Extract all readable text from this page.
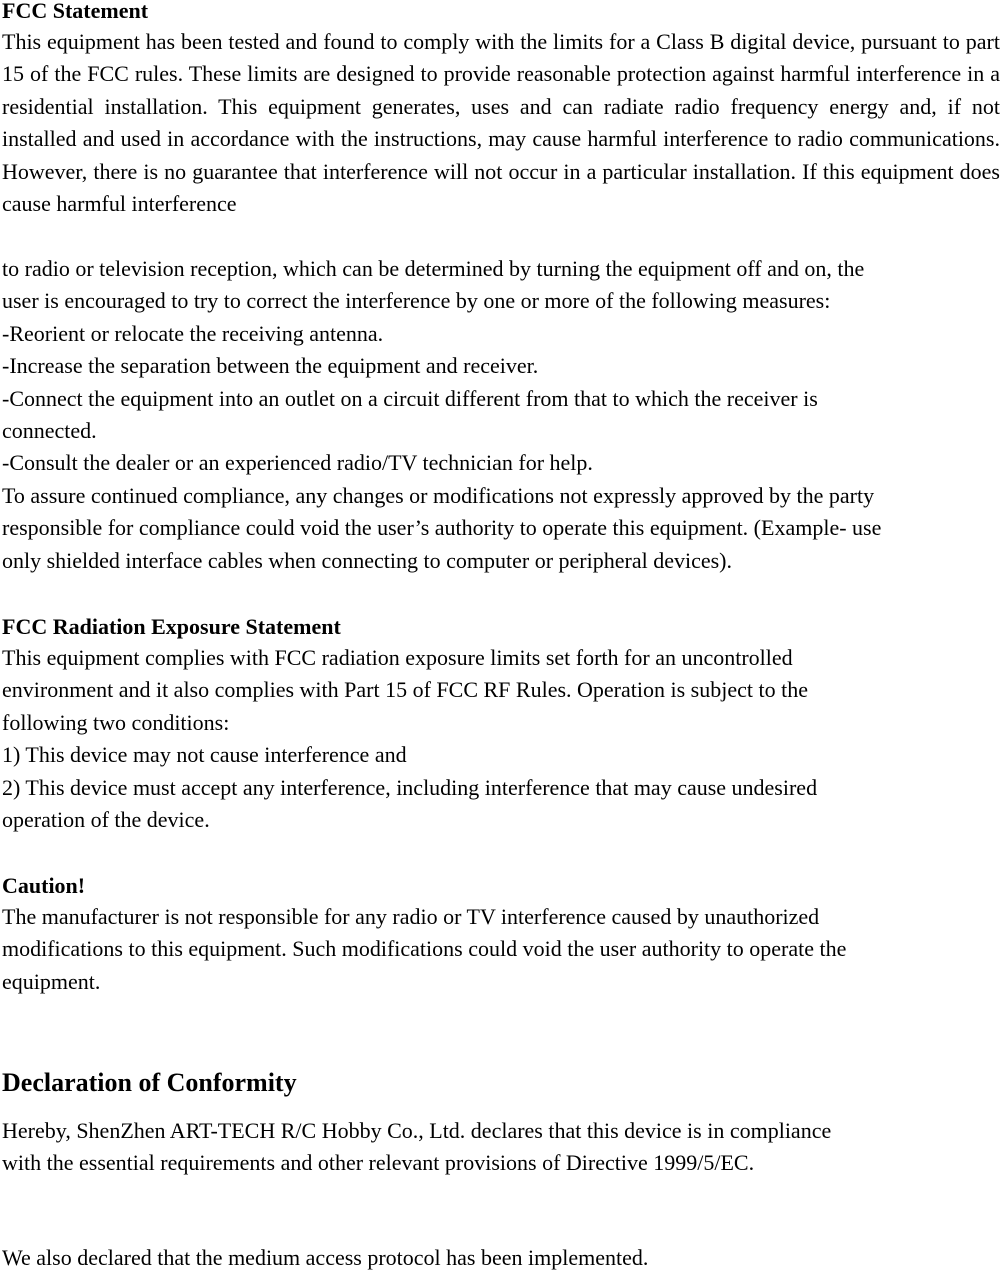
FCC Statement

This equipment has been tested and found to comply with the limits for a Class B digital device, pursuant to part 15 of the FCC rules. These limits are designed to provide reasonable protection against harmful interference in a residential installation. This equipment generates, uses and can radiate radio frequency energy and, if not installed and used in accordance with the instructions, may cause harmful interference to radio communications. However, there is no guarantee that interference will not occur in a particular installation. If this equipment does cause harmful interference

to radio or television reception, which can be determined by turning the equipment off and on, the
user is encouraged to try to correct the interference by one or more of the following measures:
-Reorient or relocate the receiving antenna.
-Increase the separation between the equipment and receiver.
-Connect the equipment into an outlet on a circuit different from that to which the receiver is
connected.
-Consult the dealer or an experienced radio/TV technician for help.
To assure continued compliance, any changes or modifications not expressly approved by the party
responsible for compliance could void the user’s authority to operate this equipment. (Example- use
only shielded interface cables when connecting to computer or peripheral devices).
FCC Radiation Exposure Statement
This equipment complies with FCC radiation exposure limits set forth for an uncontrolled
environment and it also complies with Part 15 of FCC RF Rules. Operation is subject to the
following two conditions:
1) This device may not cause interference and
2) This device must accept any interference, including interference that may cause undesired
operation of the device.
Caution!
The manufacturer is not responsible for any radio or TV interference caused by unauthorized
modifications to this equipment. Such modifications could void the user authority to operate the
equipment.
Declaration of Conformity
Hereby, ShenZhen ART-TECH R/C Hobby Co., Ltd. declares that this device is in compliance
with the essential requirements and other relevant provisions of Directive 1999/5/EC.
We also declared that the medium access protocol has been implemented.
